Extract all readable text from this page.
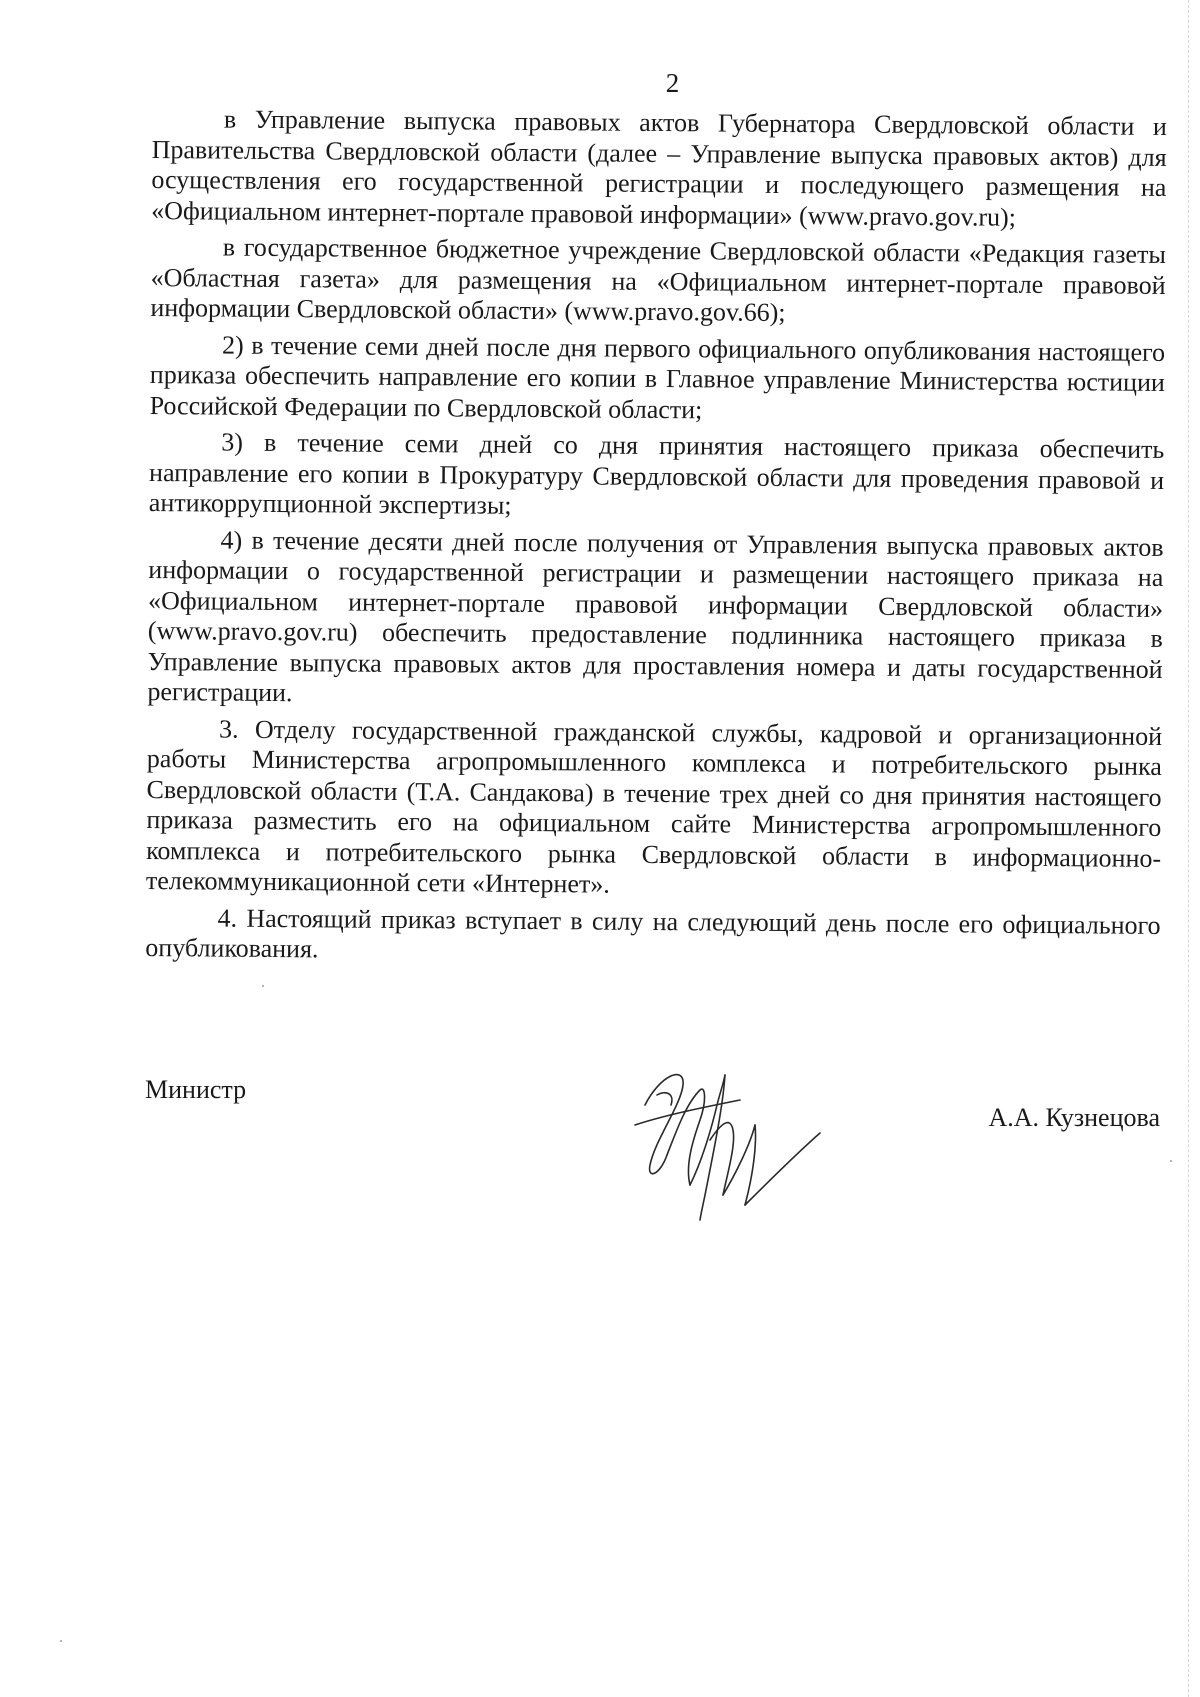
2

в Управление выпуска правовых актов Губернатора Свердловской области и Правительства Свердловской области (далее – Управление выпуска правовых актов) для осуществления его государственной регистрации и последующего размещения на «Официальном интернет-портале правовой информации» (www.pravo.gov.ru);

в государственное бюджетное учреждение Свердловской области «Редакция газеты «Областная газета» для размещения на «Официальном интернет-портале правовой информации Свердловской области» (www.pravo.gov.66);

2) в течение семи дней после дня первого официального опубликования настоящего приказа обеспечить направление его копии в Главное управление Министерства юстиции Российской Федерации по Свердловской области;

3) в течение семи дней со дня принятия настоящего приказа обеспечить направление его копии в Прокуратуру Свердловской области для проведения правовой и антикоррупционной экспертизы;

4) в течение десяти дней после получения от Управления выпуска правовых актов информации о государственной регистрации и размещении настоящего приказа на «Официальном интернет-портале правовой информации Свердловской области» (www.pravo.gov.ru) обеспечить предоставление подлинника настоящего приказа в Управление выпуска правовых актов для проставления номера и даты государственной регистрации.

3. Отделу государственной гражданской службы, кадровой и организационной работы Министерства агропромышленного комплекса и потребительского рынка Свердловской области (Т.А. Сандакова) в течение трех дней со дня принятия настоящего приказа разместить его на официальном сайте Министерства агропромышленного комплекса и потребительского рынка Свердловской области в информационно-телекоммуникационной сети «Интернет».

4. Настоящий приказ вступает в силу на следующий день после его официального опубликования.

Министр
А.А. Кузнецова
